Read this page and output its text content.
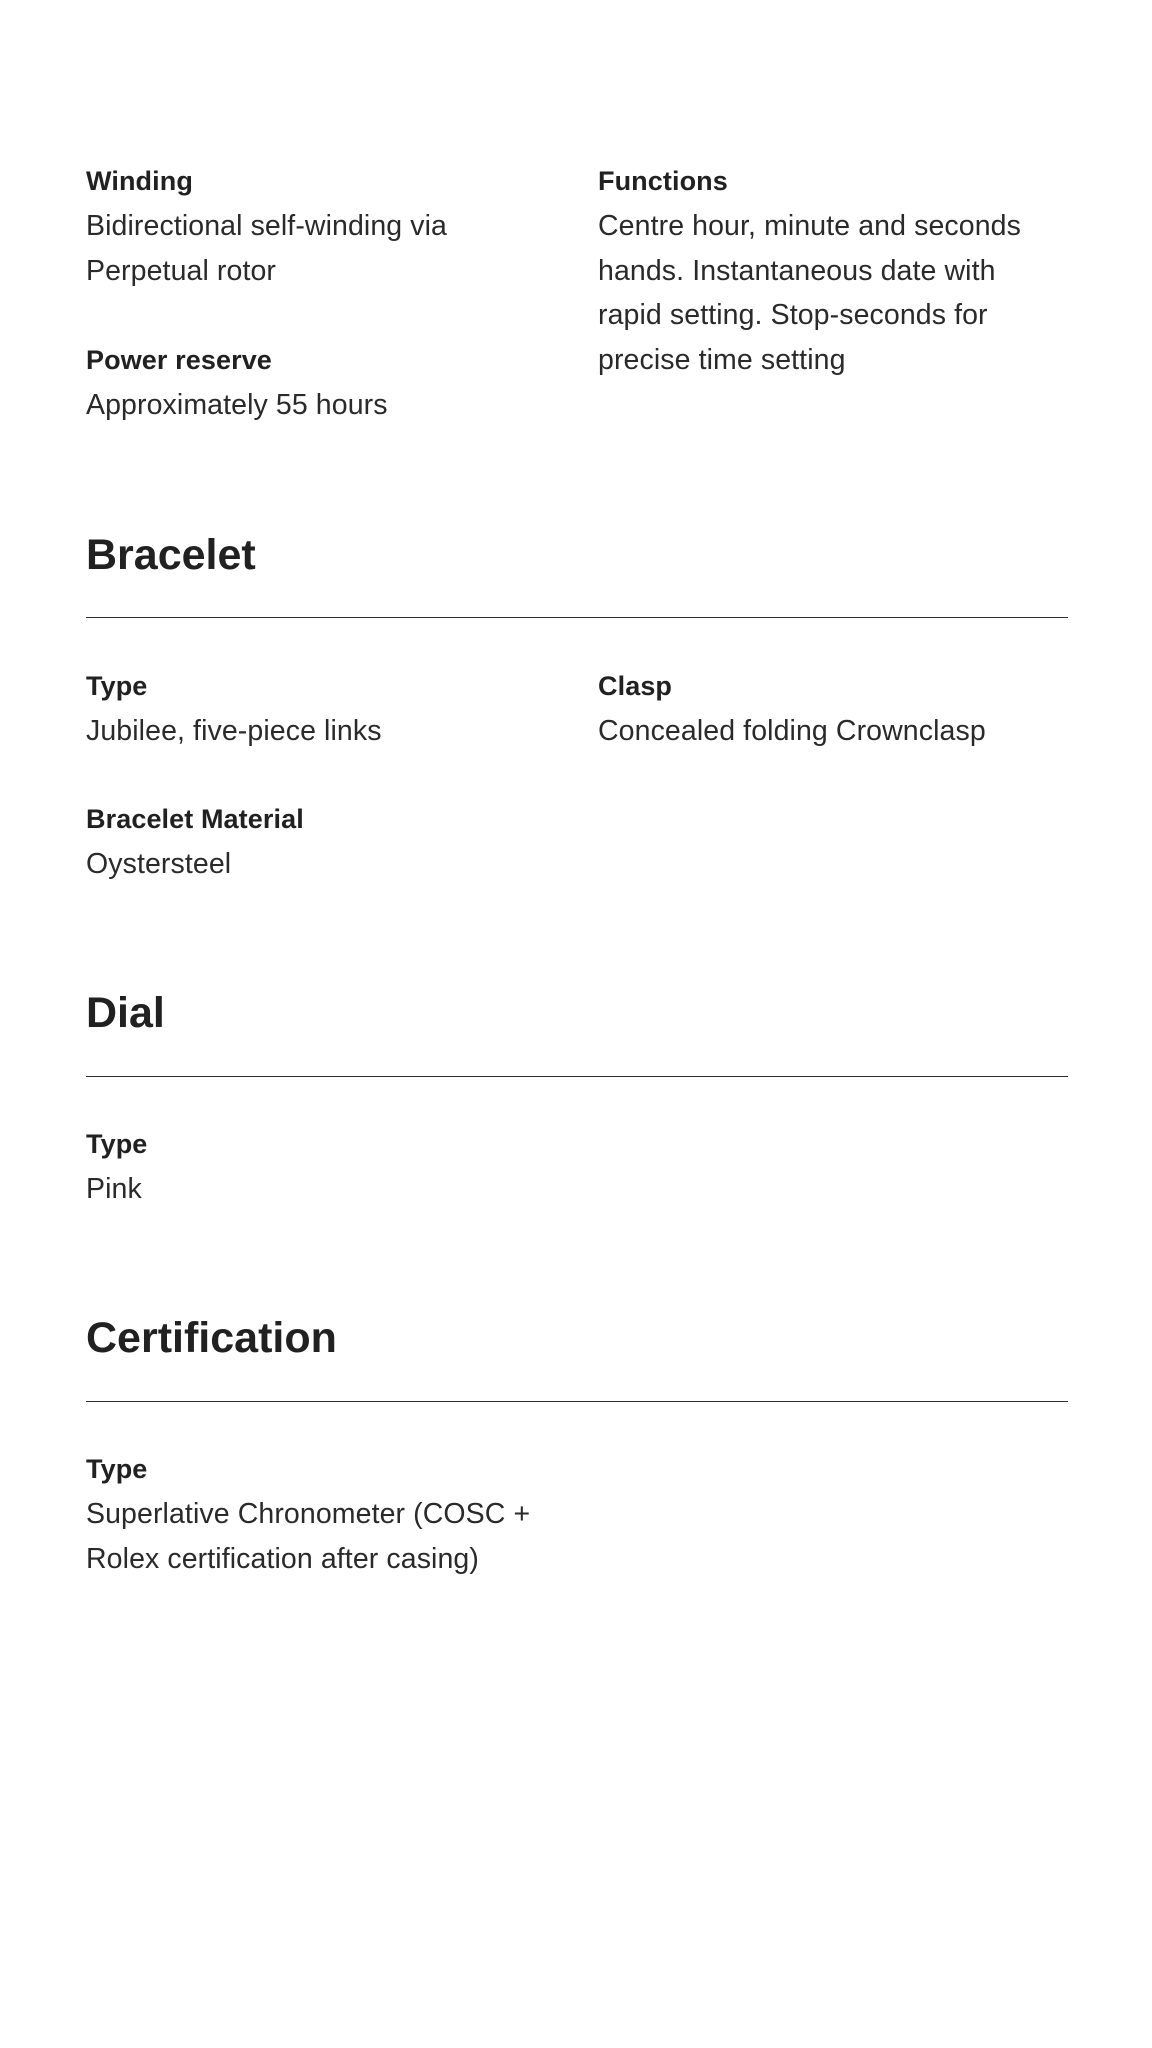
Winding

Bidirectional self-winding via
Perpetual rotor

Power reserve

Approximately 55 hours

Functions

Centre hour, minute and seconds
hands. Instantaneous date with
rapid setting. Stop-seconds for
precise time setting

Bracelet

Type

Jubilee, five-piece links

Clasp

Concealed folding Crownclasp

Bracelet Material

Oystersteel

Dial

Type

Pink

Certification

Type

Superlative Chronometer (COSC +
Rolex certification after casing)
